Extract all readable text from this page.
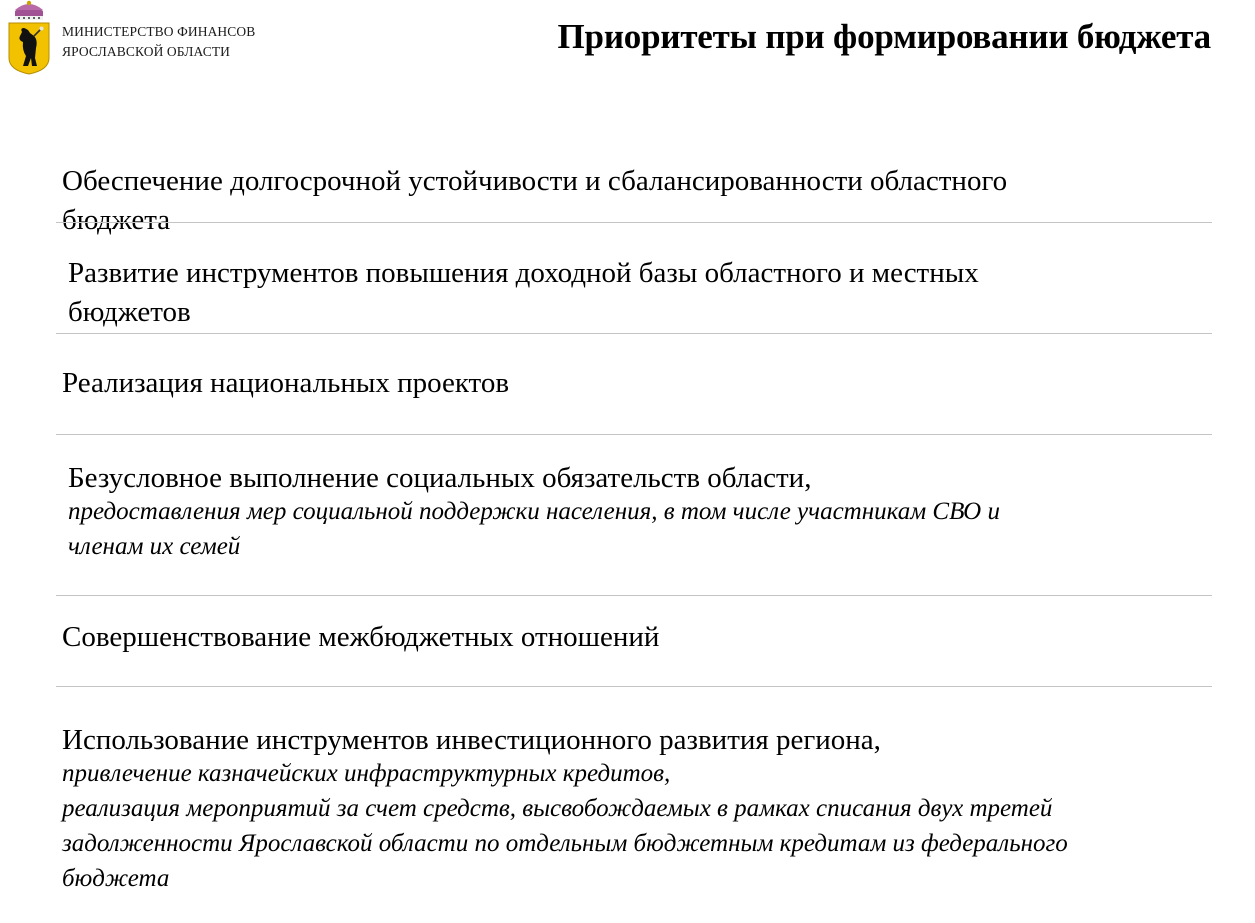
МИНИСТЕРСТВО ФИНАНСОВ
ЯРОСЛАВСКОЙ ОБЛАСТИ	Приоритеты при формировании бюджета
Обеспечение долгосрочной устойчивости и сбалансированности областного
бюджета
Развитие инструментов повышения доходной базы областного и местных
бюджетов
Реализация национальных проектов
Безусловное выполнение социальных обязательств области,
предоставления мер социальной поддержки населения, в том числе участникам СВО и
членам их семей
Совершенствование межбюджетных отношений
Использование инструментов инвестиционного развития региона,
привлечение казначейских инфраструктурных кредитов,
реализация мероприятий за счет средств, высвобождаемых в рамках списания двух третей
задолженности Ярославской области по отдельным бюджетным кредитам из федерального
бюджета
